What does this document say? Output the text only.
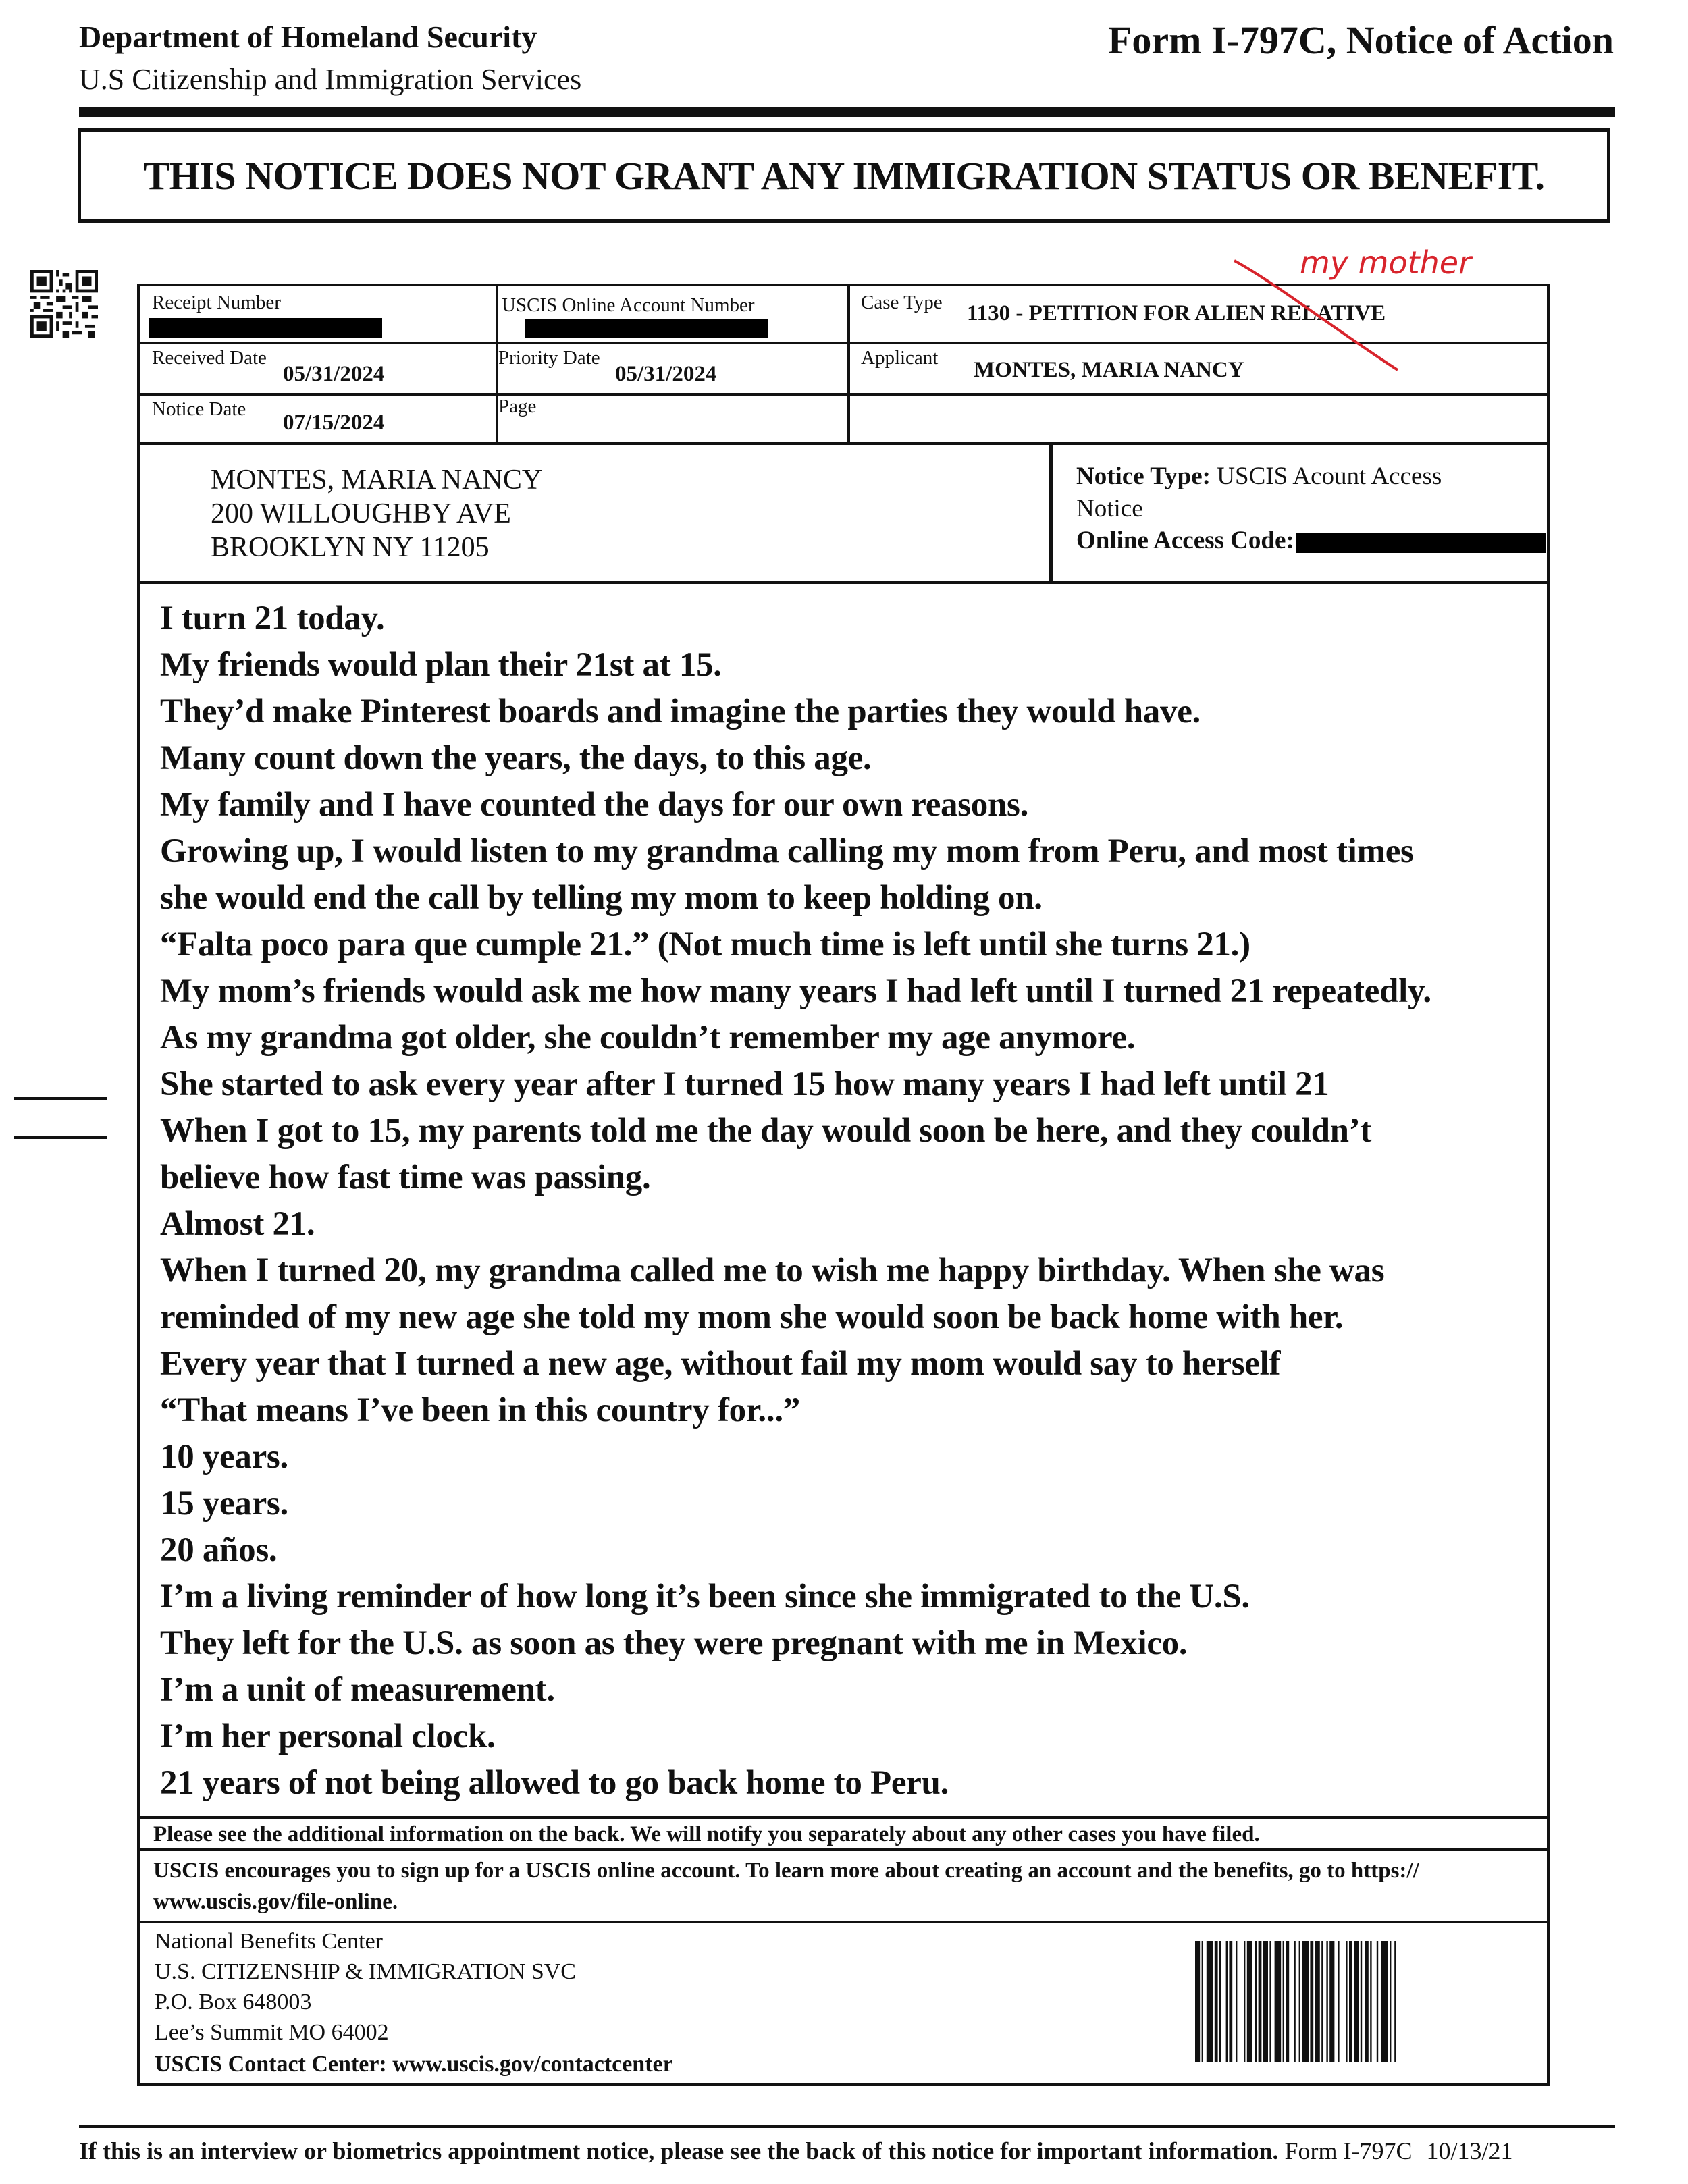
Department of Homeland Security
U.S Citizenship and Immigration Services
Form I-797C, Notice of Action
THIS NOTICE DOES NOT GRANT ANY IMMIGRATION STATUS OR BENEFIT.
Receipt Number	USCIS Online Account Number	Case Type 1130 - PETITION FOR ALIEN RELATIVE
Received Date
05/31/2024
Priority Date
05/31/2024
Applicant MONTES, MARIA NANCY
Notice Date
07/15/2024
Page
my mother
MONTES, MARIA NANCY
200 WILLOUGHBY AVE
BROOKLYN NY 11205
Notice Type: USCIS Acount Access
Notice
Online Access Code:
I turn 21 today.
My friends would plan their 21st at 15.
They’d make Pinterest boards and imagine the parties they would have.
Many count down the years, the days, to this age.
My family and I have counted the days for our own reasons.
Growing up, I would listen to my grandma calling my mom from Peru, and most times
she would end the call by telling my mom to keep holding on.
“Falta poco para que cumple 21.” (Not much time is left until she turns 21.)
My mom’s friends would ask me how many years I had left until I turned 21 repeatedly.
As my grandma got older, she couldn’t remember my age anymore.
She started to ask every year after I turned 15 how many years I had left until 21
When I got to 15, my parents told me the day would soon be here, and they couldn’t
believe how fast time was passing.
Almost 21.
When I turned 20, my grandma called me to wish me happy birthday. When she was
reminded of my new age she told my mom she would soon be back home with her.
Every year that I turned a new age, without fail my mom would say to herself
“That means I’ve been in this country for...”
10 years.
15 years.
20 años.
I’m a living reminder of how long it’s been since she immigrated to the U.S.
They left for the U.S. as soon as they were pregnant with me in Mexico.
I’m a unit of measurement.
I’m her personal clock.
21 years of not being allowed to go back home to Peru.
Please see the additional information on the back. We will notify you separately about any other cases you have filed.
USCIS encourages you to sign up for a USCIS online account. To learn more about creating an account and the benefits, go to https://
www.uscis.gov/file-online.
National Benefits Center
U.S. CITIZENSHIP & IMMIGRATION SVC
P.O. Box 648003
Lee’s Summit MO 64002
USCIS Contact Center: www.uscis.gov/contactcenter
If this is an interview or biometrics appointment notice, please see the back of this notice for important information. Form I-797C 10/13/21
